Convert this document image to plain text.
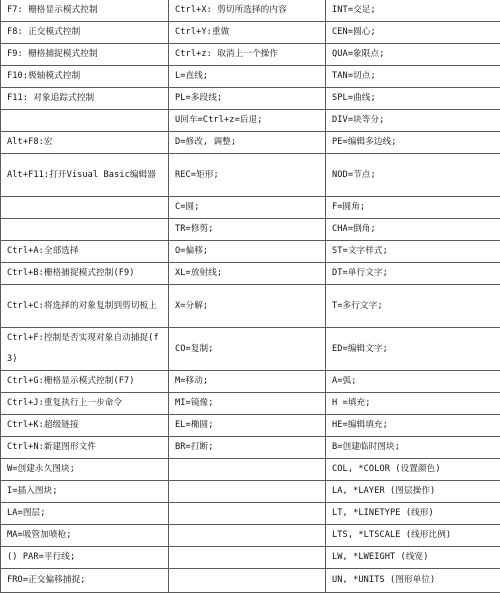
F7: 栅格显示模式控制	Ctrl+X: 剪切所选择的内容	INT=交足;
F8: 正交模式控制	Ctrl+Y:重做	CEN=圆心;
F9: 栅格捕捉模式控制	Ctrl+z: 取消上一个操作	QUA=象限点;
F10:极轴模式控制	L=直线;	TAN=切点;
F11: 对象追踪式控制	PL=多段线;	SPL=曲线;
	U回车=Ctrl+z=后退;	DIV=块等分;
Alt+F8:宏	D=修改, 调整;	PE=编辑多边线;
Alt+F11:打开Visual Basic编辑器	REC=矩形;	NOD=节点;
	C=圆;	F=圆角;
	TR=修剪;	CHA=倒角;
Ctrl+A:全部选择	O=偏移;	ST=文字样式;
Ctrl+B:栅格捕捉模式控制(F9)	XL=放射线;	DT=单行文字;
Ctrl+C:将选择的对象复制到剪切板上	X=分解;	T=多行文字;
Ctrl+F:控制是否实现对象自动捕捉(f3)	CO=复制;	ED=编辑文字;
Ctrl+G:栅格显示模式控制(F7)	M=移动;	A=弧;
Ctrl+J:重复执行上一步命令	MI=镜像;	H =填充;
Ctrl+K:超级链接	EL=椭圆;	HE=编辑填充;
Ctrl+N:新建图形文件	BR=打断;	B=创建临时图块;
W=创建永久图块;		COL, *COLOR (设置颜色)
I=插入图块;		LA, *LAYER (图层操作)
LA=图层;		LT, *LINETYPE (线形)
MA=吸管加喷枪;		LTS, *LTSCALE (线形比例)
() PAR=平行线;		LW, *LWEIGHT (线宽)
FRO=正交偏移捕捉;		UN, *UNITS (图形单位)
